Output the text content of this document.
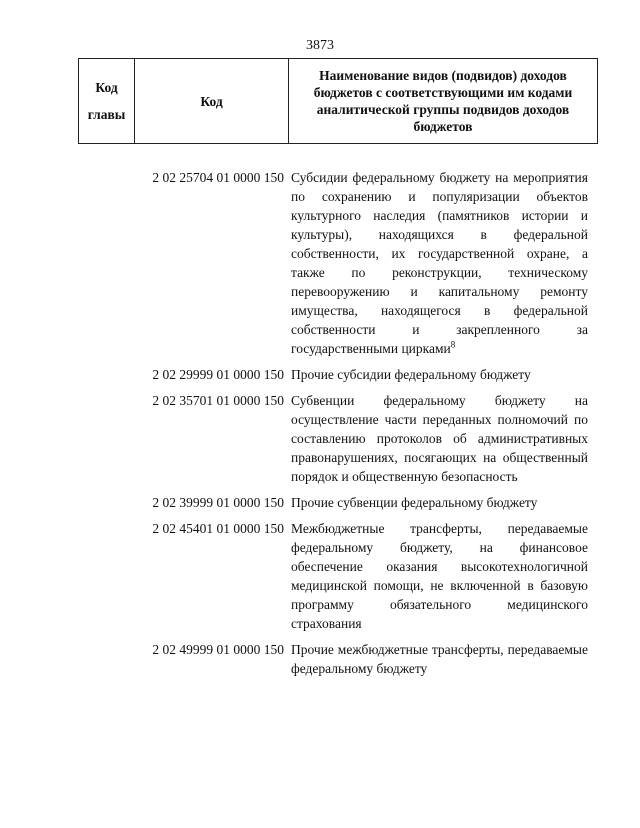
3873
Код
главы
	Код	Наименование видов (подвидов) доходов бюджетов с соответствующими им кодами аналитической группы подвидов доходов бюджетов
2 02 25704 01 0000 150 Субсидии федеральному бюджету на мероприятия по сохранению и популяризации объектов культурного наследия (памятников истории и культуры), находящихся в федеральной собственности, их государственной охране, а также по реконструкции, техническому перевооружению и капитальному ремонту имущества, находящегося в федеральной собственности и закрепленного за государственными цирками$^8$
2 02 29999 01 0000 150 Прочие субсидии федеральному бюджету
2 02 35701 01 0000 150 Субвенции федеральному бюджету на осуществление части переданных полномочий по составлению протоколов об административных правонарушениях, посягающих на общественный порядок и общественную безопасность
2 02 39999 01 0000 150 Прочие субвенции федеральному бюджету
2 02 45401 01 0000 150 Межбюджетные трансферты, передаваемые федеральному бюджету, на финансовое обеспечение оказания высокотехнологичной медицинской помощи, не включенной в базовую программу обязательного медицинского страхования
2 02 49999 01 0000 150 Прочие межбюджетные трансферты, передаваемые федеральному бюджету
